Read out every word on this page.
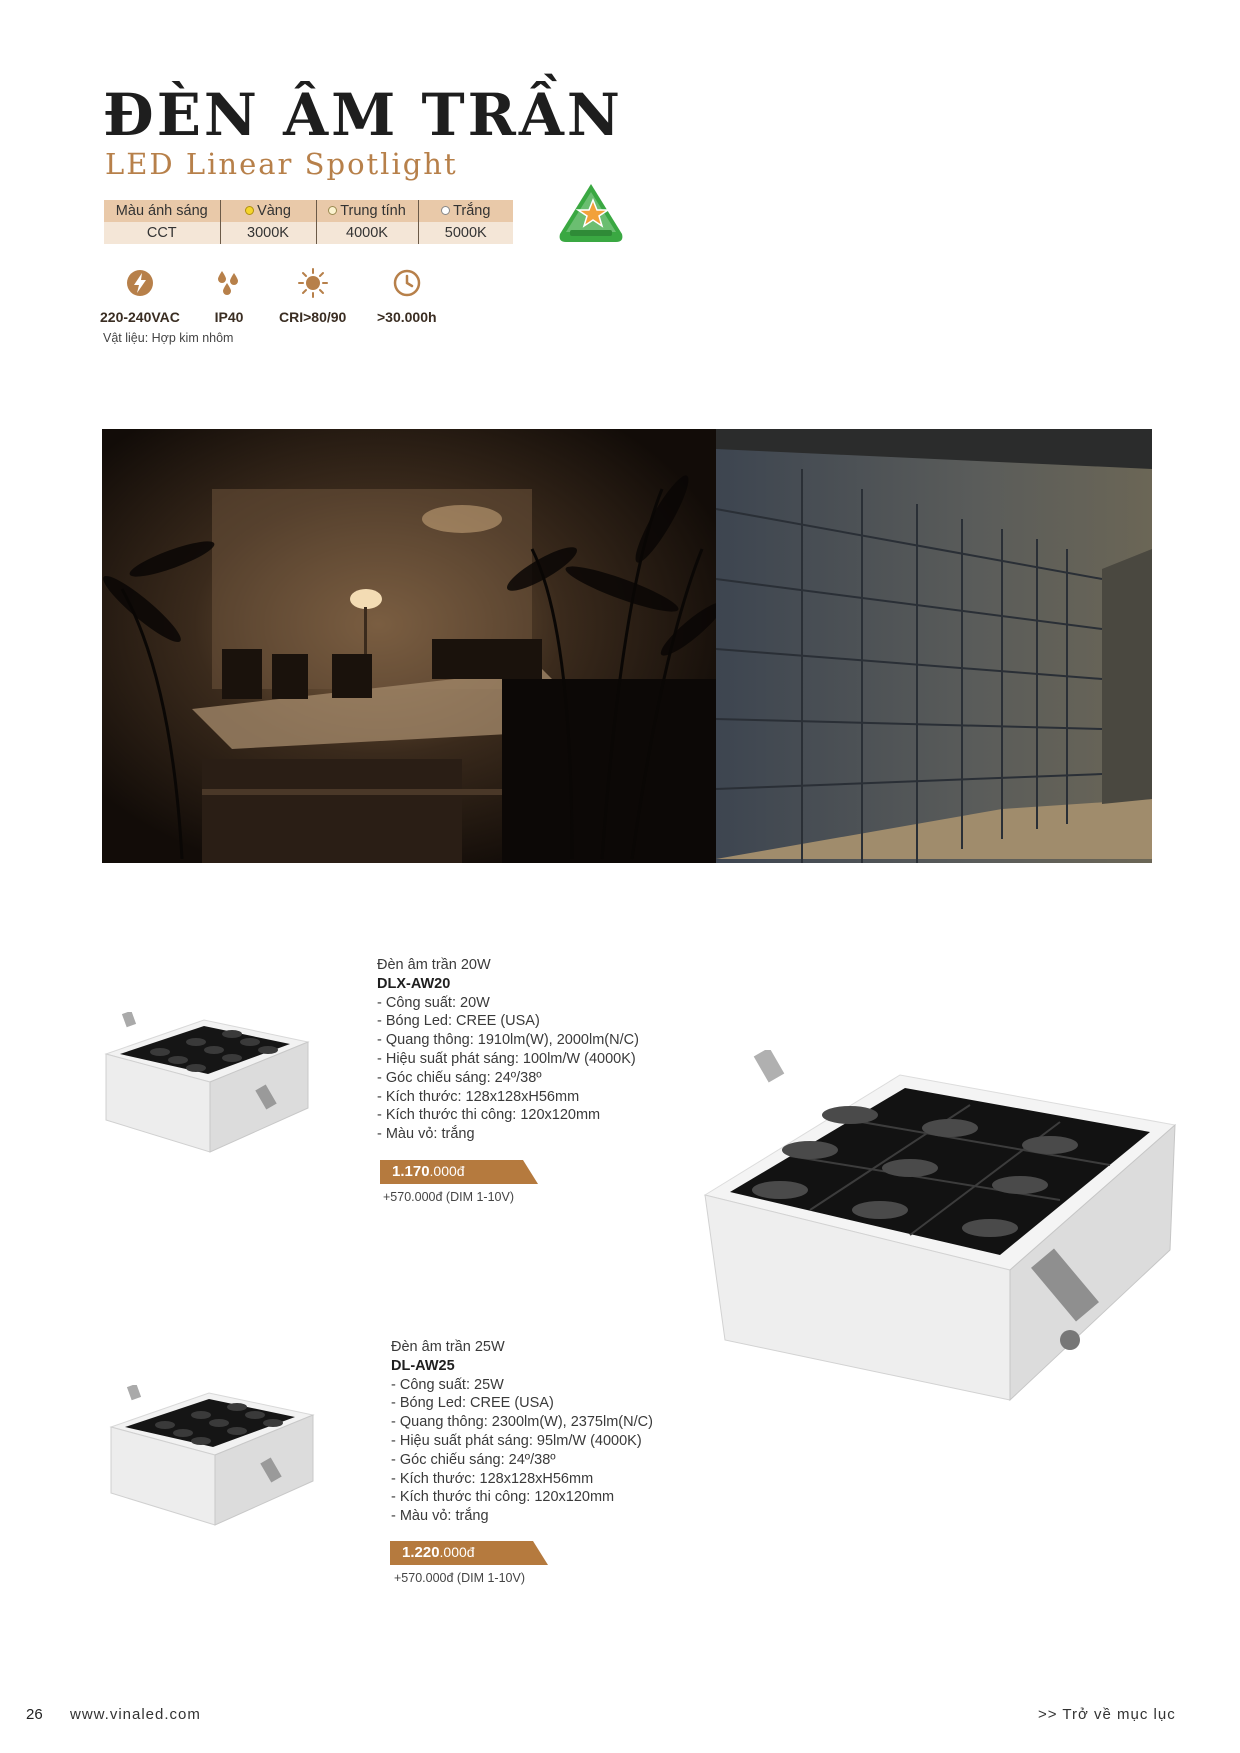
ĐÈN ÂM TRẦN
LED Linear Spotlight
Màu ánh sáng	Vàng	Trung tính	Trắng
CCT	3000K	4000K	5000K
220-240VAC IP40	CRI>80/90 >30.000h
Vật liệu: Hợp kim nhôm
Đèn âm trần 20W
DLX-AW20
- Công suất: 20W
- Bóng Led: CREE (USA)
- Quang thông: 1910lm(W), 2000lm(N/C)
- Hiệu suất phát sáng: 100lm/W (4000K)
- Góc chiếu sáng: 24º/38º
- Kích thước: 128x128xH56mm
- Kích thước thi công: 120x120mm
- Màu vỏ: trắng
1.170.000đ
+570.000đ (DIM 1-10V)
Đèn âm trần 25W
DL-AW25
- Công suất: 25W
- Bóng Led: CREE (USA)
- Quang thông: 2300lm(W), 2375lm(N/C)
- Hiệu suất phát sáng: 95lm/W (4000K)
- Góc chiếu sáng: 24º/38º
- Kích thước: 128x128xH56mm
- Kích thước thi công: 120x120mm
- Màu vỏ: trắng
1.220.000đ
+570.000đ (DIM 1-10V)
26 www.vinaled.com	>> Trở về mục lục
